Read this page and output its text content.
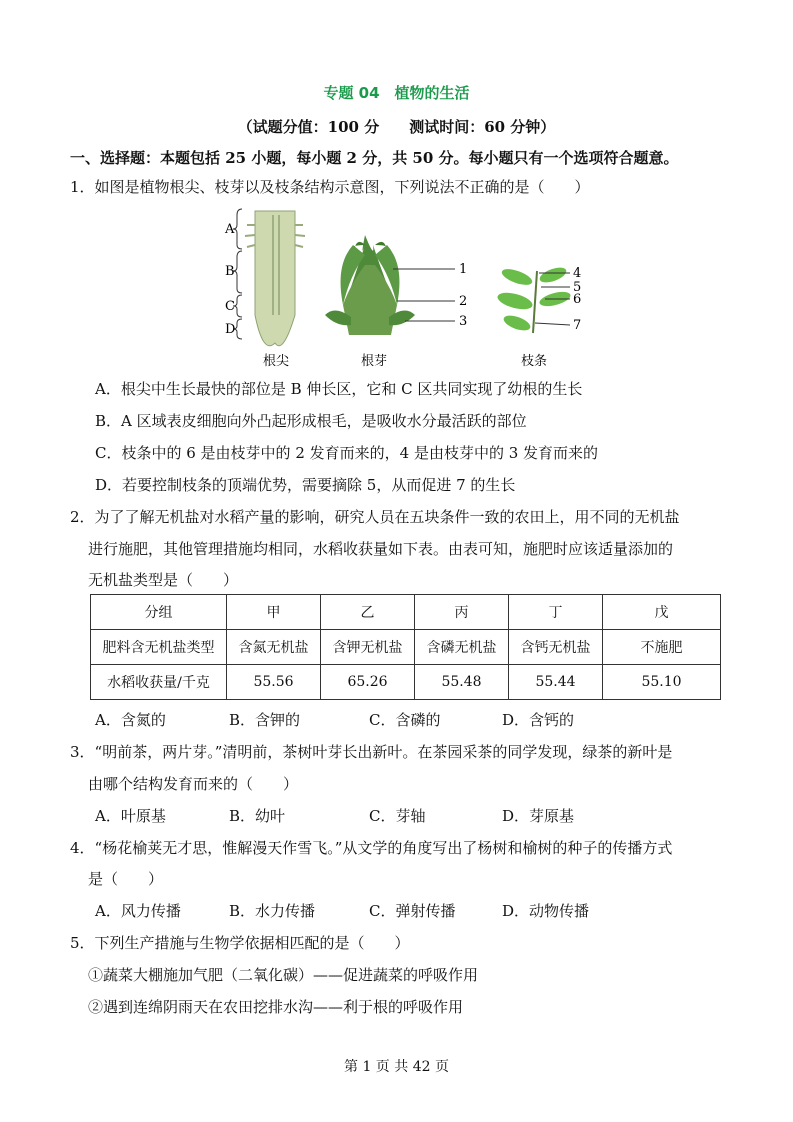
专题 04　植物的生活
（试题分值：100 分　　测试时间：60 分钟）
一、选择题：本题包括 25 小题，每小题 2 分，共 50 分。每小题只有一个选项符合题意。
1．如图是植物根尖、枝芽以及枝条结构示意图，下列说法不正确的是（　　）
A
B
C
D
根尖
1
2
3
根芽
4
5
6
7
枝条
A．根尖中生长最快的部位是 B 伸长区，它和 C 区共同实现了幼根的生长
B．A 区域表皮细胞向外凸起形成根毛，是吸收水分最活跃的部位
C．枝条中的 6 是由枝芽中的 2 发育而来的，4 是由枝芽中的 3 发育而来的
D．若要控制枝条的顶端优势，需要摘除 5，从而促进 7 的生长
2．为了了解无机盐对水稻产量的影响，研究人员在五块条件一致的农田上，用不同的无机盐
进行施肥，其他管理措施均相同，水稻收获量如下表。由表可知，施肥时应该适量添加的
无机盐类型是（　　）
分组	甲	乙	丙	丁	戊
肥料含无机盐类型	含氮无机盐	含钾无机盐	含磷无机盐	含钙无机盐	不施肥
水稻收获量/千克	55.56	65.26	55.48	55.44	55.10
A．含氮的	B．含钾的	C．含磷的	D．含钙的
3．“明前茶，两片芽。”清明前，茶树叶芽长出新叶。在茶园采茶的同学发现，绿茶的新叶是
由哪个结构发育而来的（　　）
A．叶原基	B．幼叶	C．芽轴	D．芽原基
4．“杨花榆荚无才思，惟解漫天作雪飞。”从文学的角度写出了杨树和榆树的种子的传播方式
是（　　）
A．风力传播	B．水力传播	C．弹射传播	D．动物传播
5．下列生产措施与生物学依据相匹配的是（　　）
①蔬菜大棚施加气肥（二氧化碳）——促进蔬菜的呼吸作用
②遇到连绵阴雨天在农田挖排水沟——利于根的呼吸作用
第 1 页 共 42 页
